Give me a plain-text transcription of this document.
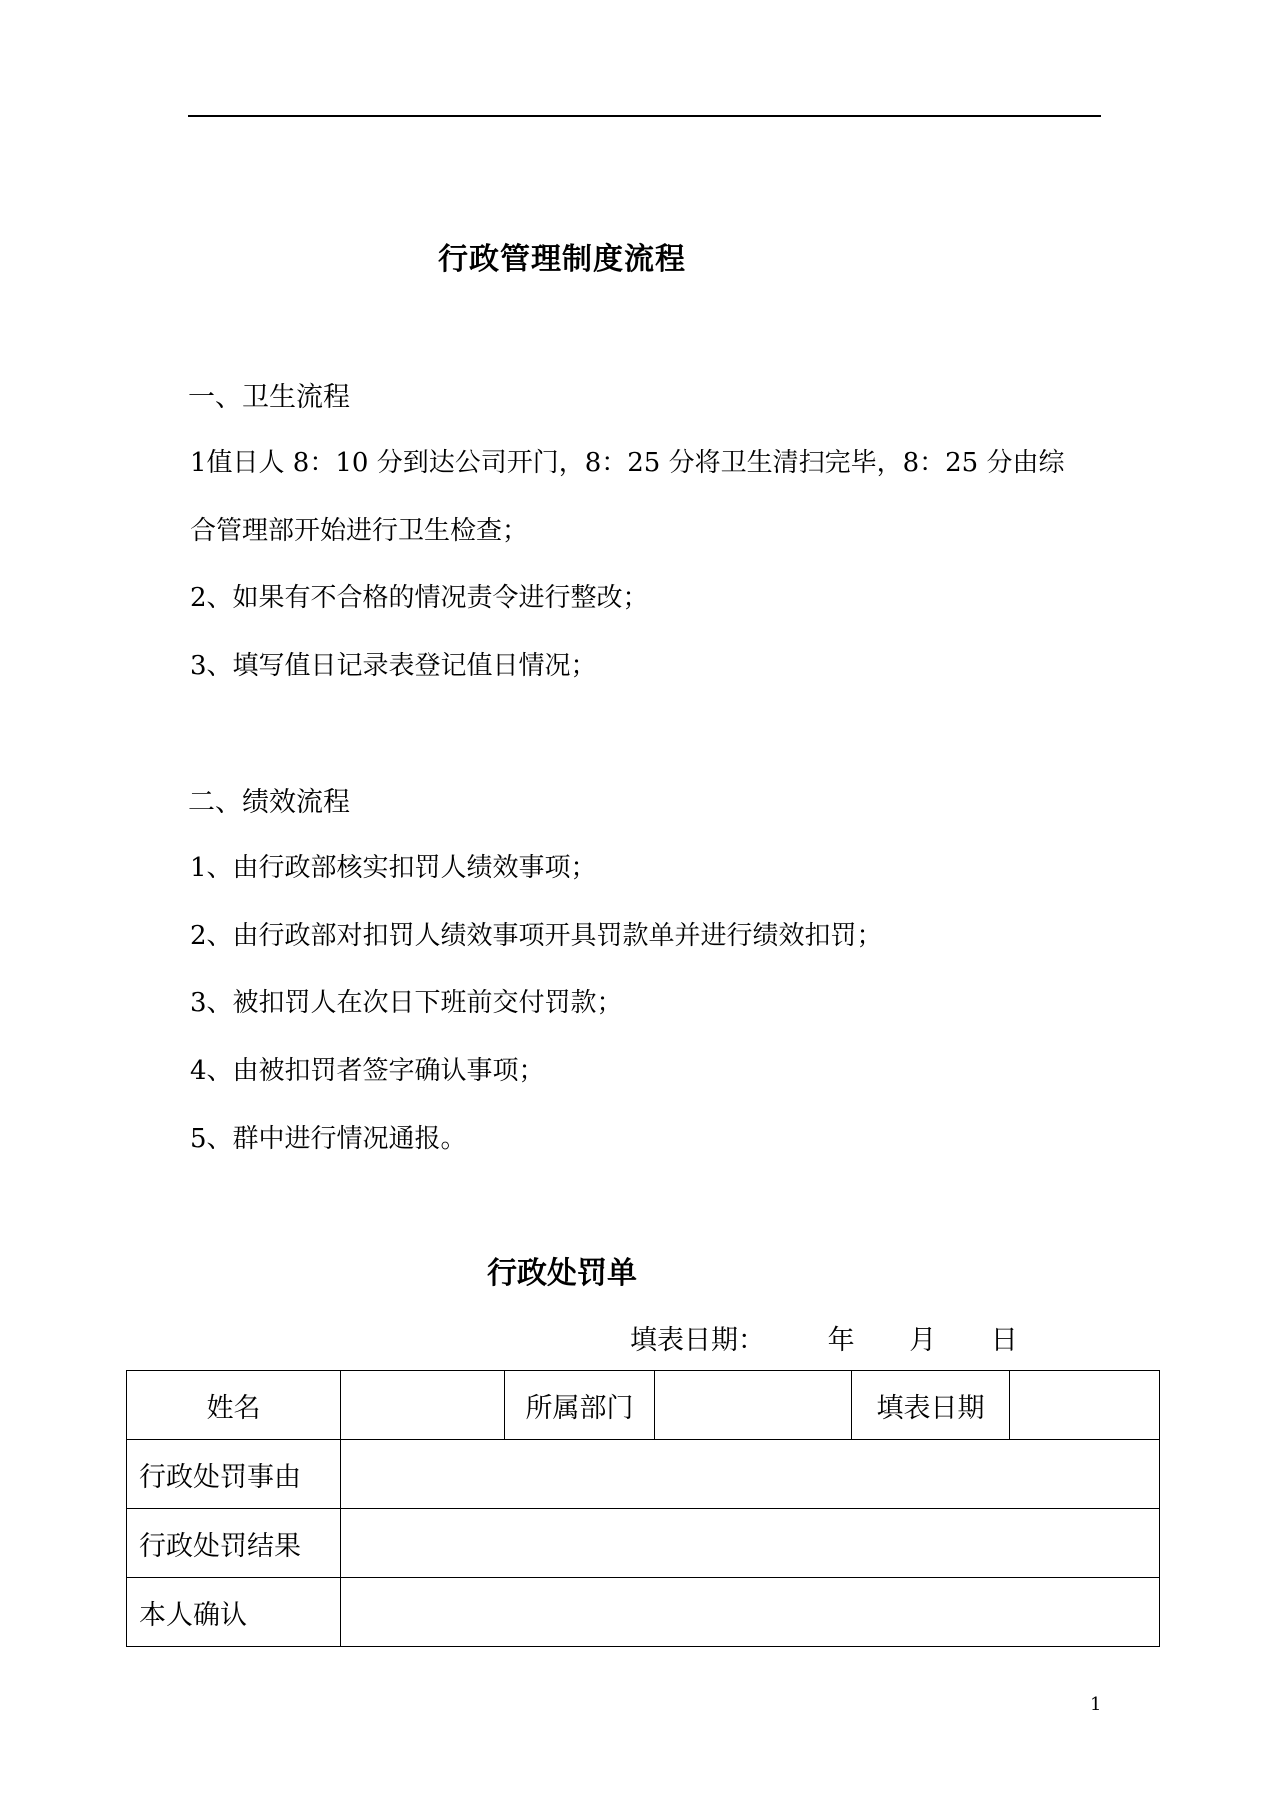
行政管理制度流程
一、卫生流程
1值日人 8：10 分到达公司开门，8：25 分将卫生清扫完毕，8：25 分由综
合管理部开始进行卫生检查；
2、如果有不合格的情况责令进行整改；
3、填写值日记录表登记值日情况；
二、绩效流程
1、由行政部核实扣罚人绩效事项；
2、由行政部对扣罚人绩效事项开具罚款单并进行绩效扣罚；
3、被扣罚人在次日下班前交付罚款；
4、由被扣罚者签字确认事项；
5、群中进行情况通报。
行政处罚单
填表日期： 年 月 日
姓名		所属部门		填表日期	
行政处罚事由					
行政处罚结果					
本人确认					
1
